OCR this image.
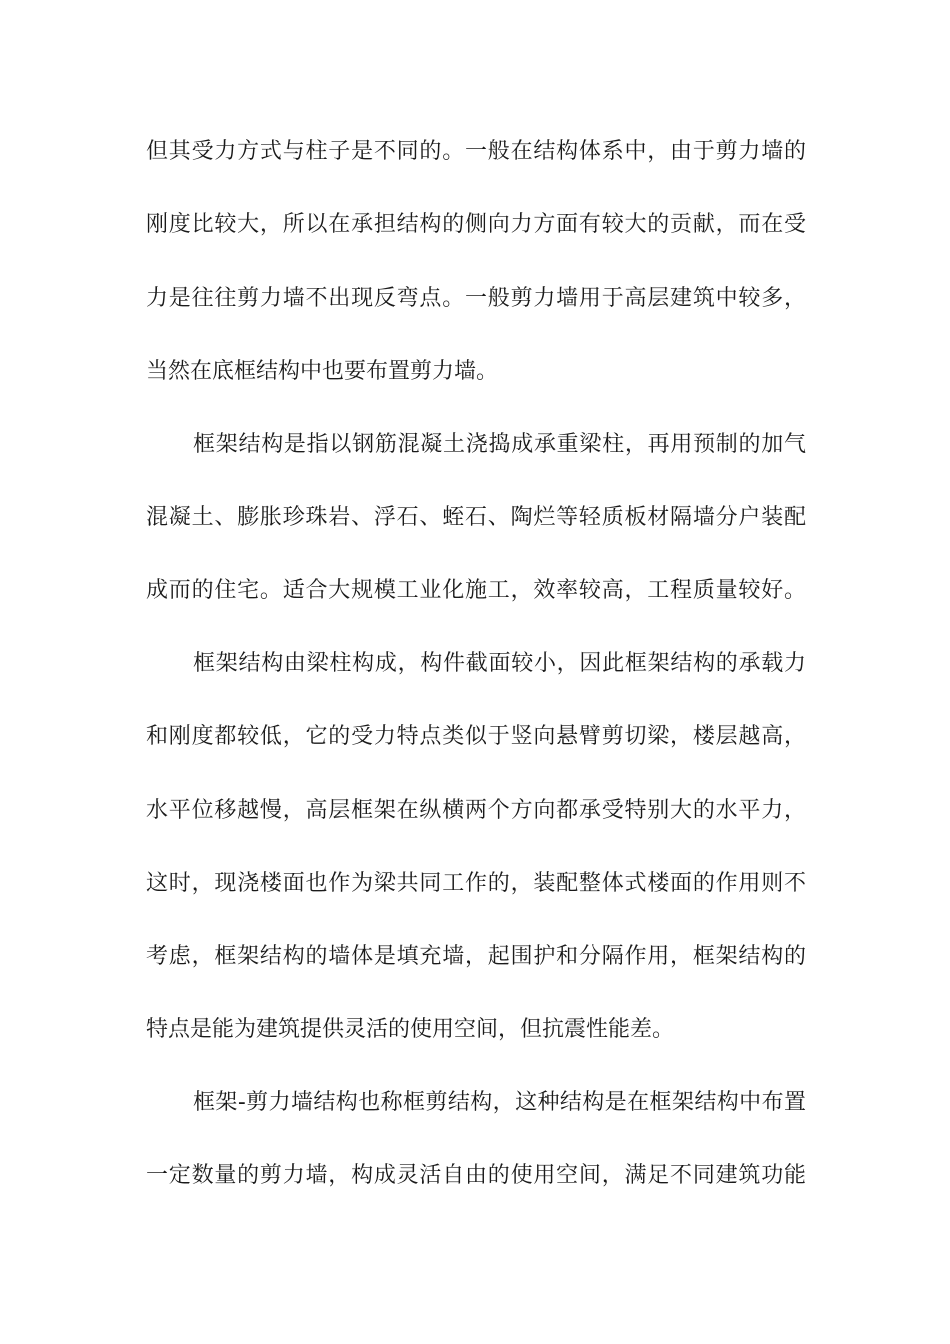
但其受力方式与柱子是不同的。一般在结构体系中，由于剪力墙的
刚度比较大，所以在承担结构的侧向力方面有较大的贡献，而在受
力是往往剪力墙不出现反弯点。一般剪力墙用于高层建筑中较多，
当然在底框结构中也要布置剪力墙。
框架结构是指以钢筋混凝土浇捣成承重梁柱，再用预制的加气
混凝土、膨胀珍珠岩、浮石、蛭石、陶烂等轻质板材隔墙分户装配
成而的住宅。适合大规模工业化施工，效率较高，工程质量较好。
框架结构由梁柱构成，构件截面较小，因此框架结构的承载力
和刚度都较低，它的受力特点类似于竖向悬臂剪切梁，楼层越高，
水平位移越慢，高层框架在纵横两个方向都承受特别大的水平力，
这时，现浇楼面也作为梁共同工作的，装配整体式楼面的作用则不
考虑，框架结构的墙体是填充墙，起围护和分隔作用，框架结构的
特点是能为建筑提供灵活的使用空间，但抗震性能差。
框架-剪力墙结构也称框剪结构，这种结构是在框架结构中布置
一定数量的剪力墙，构成灵活自由的使用空间，满足不同建筑功能
